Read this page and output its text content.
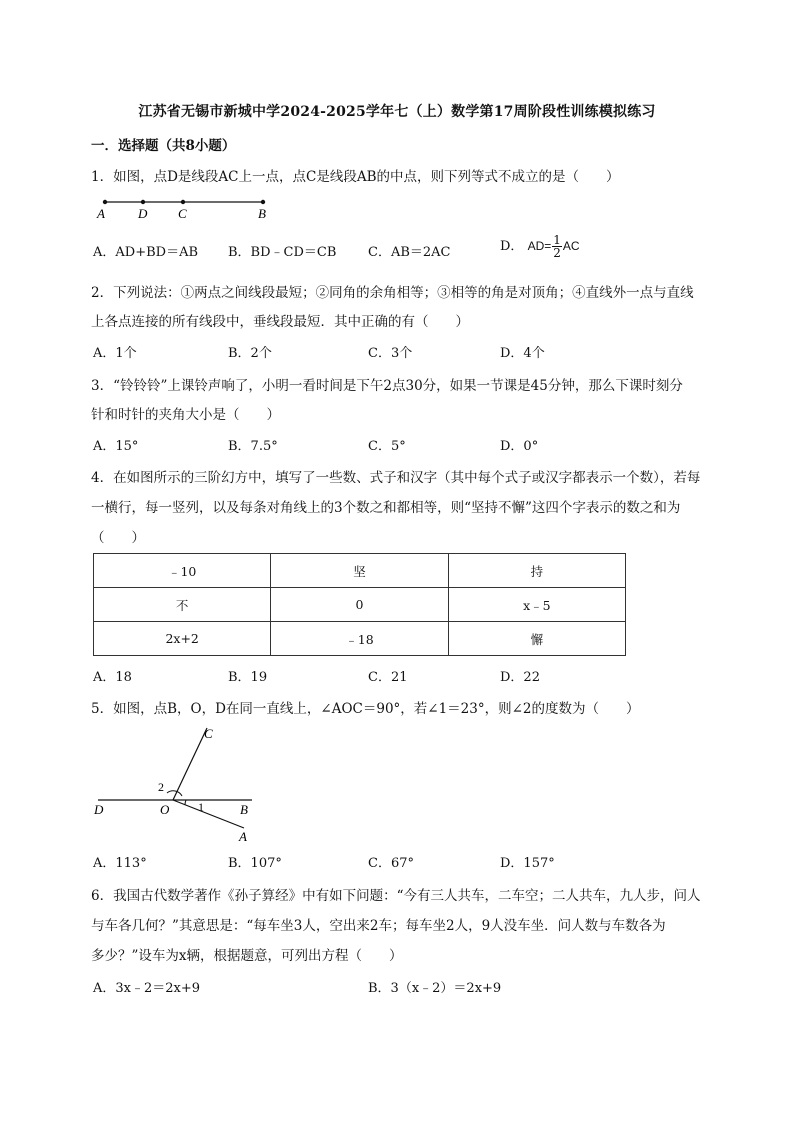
江苏省无锡市新城中学2024-2025学年七（上）数学第17周阶段性训练模拟练习
一．选择题（共8小题）
1．如图，点D是线段AC上一点，点C是线段AB的中点，则下列等式不成立的是（　　）
A	D C	B
A．AD+BD＝AB B．BD﹣CD＝CB C．AB＝2AC	D． $AD= \frac{1}{2}$ AC
2．下列说法：①两点之间线段最短；②同角的余角相等；③相等的角是对顶角；④直线外一点与直线
上各点连接的所有线段中，垂线段最短．其中正确的有（　　）
A．1个	B．2个	C．3个	D．4个
3．“铃铃铃”上课铃声响了，小明一看时间是下午2点30分，如果一节课是45分钟，那么下课时刻分
针和时针的夹角大小是（　　）
A．15°	B．7.5°	C．5°	D．0°
4．在如图所示的三阶幻方中，填写了一些数、式子和汉字（其中每个式子或汉字都表示一个数），若每
一横行，每一竖列，以及每条对角线上的3个数之和都相等，则“坚持不懈”这四个字表示的数之和为
（　　）
﹣10	坚	持
不	0	x﹣5
2x+2	﹣18	懈
A．18	B．19	C．21	D．22
5．如图，点B，O，D在同一直线上，∠AOC＝90°，若∠1＝23°，则∠2的度数为（　　）
C
2
D	O 1	B
A
A．113°	B．107°	C．67°	D．157°
6．我国古代数学著作《孙子算经》中有如下问题：“今有三人共车，二车空；二人共车，九人步，问人
与车各几何？”其意思是：“每车坐3人，空出来2车；每车坐2人，9人没车坐．问人数与车数各为
多少？”设车为x辆，根据题意，可列出方程（　　）
A．3x﹣2＝2x+9	B．3（x﹣2）＝2x+9
